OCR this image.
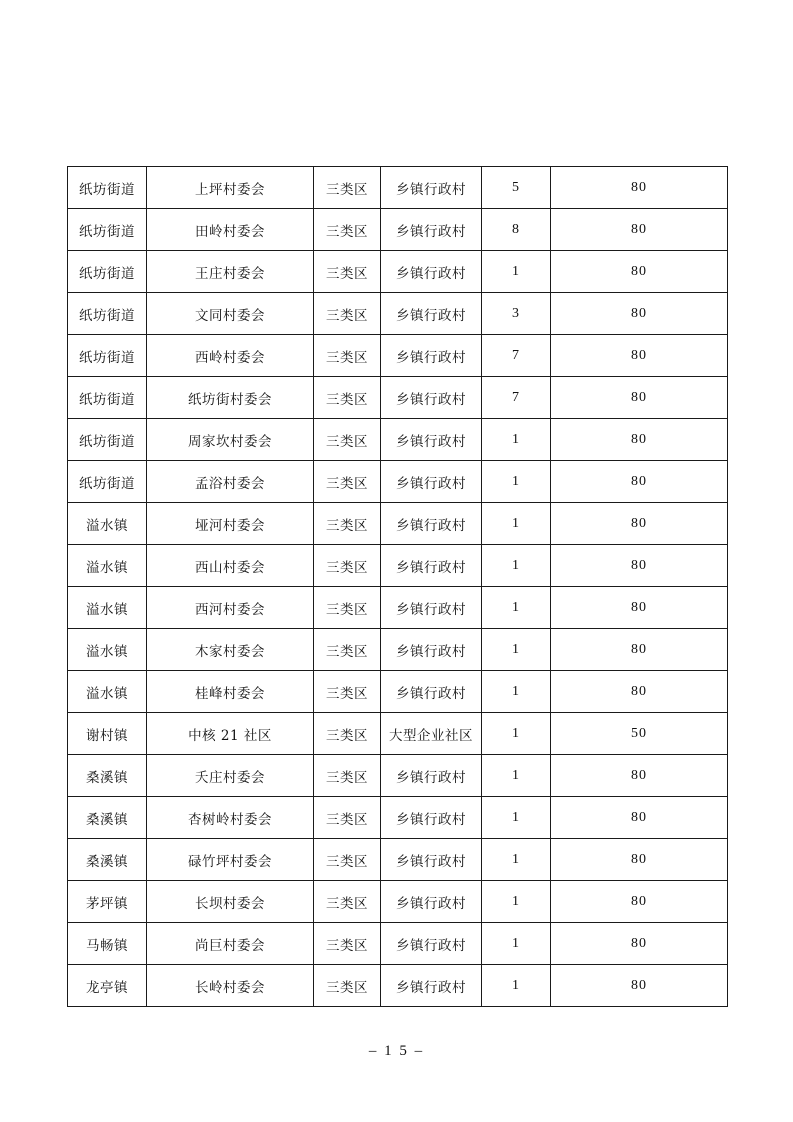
纸坊街道	上坪村委会	三类区	乡镇行政村	5	80
纸坊街道	田岭村委会	三类区	乡镇行政村	8	80
纸坊街道	王庄村委会	三类区	乡镇行政村	1	80
纸坊街道	文同村委会	三类区	乡镇行政村	3	80
纸坊街道	西岭村委会	三类区	乡镇行政村	7	80
纸坊街道	纸坊街村委会	三类区	乡镇行政村	7	80
纸坊街道	周家坎村委会	三类区	乡镇行政村	1	80
纸坊街道	孟浴村委会	三类区	乡镇行政村	1	80
溢水镇	垭河村委会	三类区	乡镇行政村	1	80
溢水镇	西山村委会	三类区	乡镇行政村	1	80
溢水镇	西河村委会	三类区	乡镇行政村	1	80
溢水镇	木家村委会	三类区	乡镇行政村	1	80
溢水镇	桂峰村委会	三类区	乡镇行政村	1	80
谢村镇	中核 21 社区	三类区	大型企业社区	1	50
桑溪镇	夭庄村委会	三类区	乡镇行政村	1	80
桑溪镇	杏树岭村委会	三类区	乡镇行政村	1	80
桑溪镇	碌竹坪村委会	三类区	乡镇行政村	1	80
茅坪镇	长坝村委会	三类区	乡镇行政村	1	80
马畅镇	尚巨村委会	三类区	乡镇行政村	1	80
龙亭镇	长岭村委会	三类区	乡镇行政村	1	80
– 1 5 –
